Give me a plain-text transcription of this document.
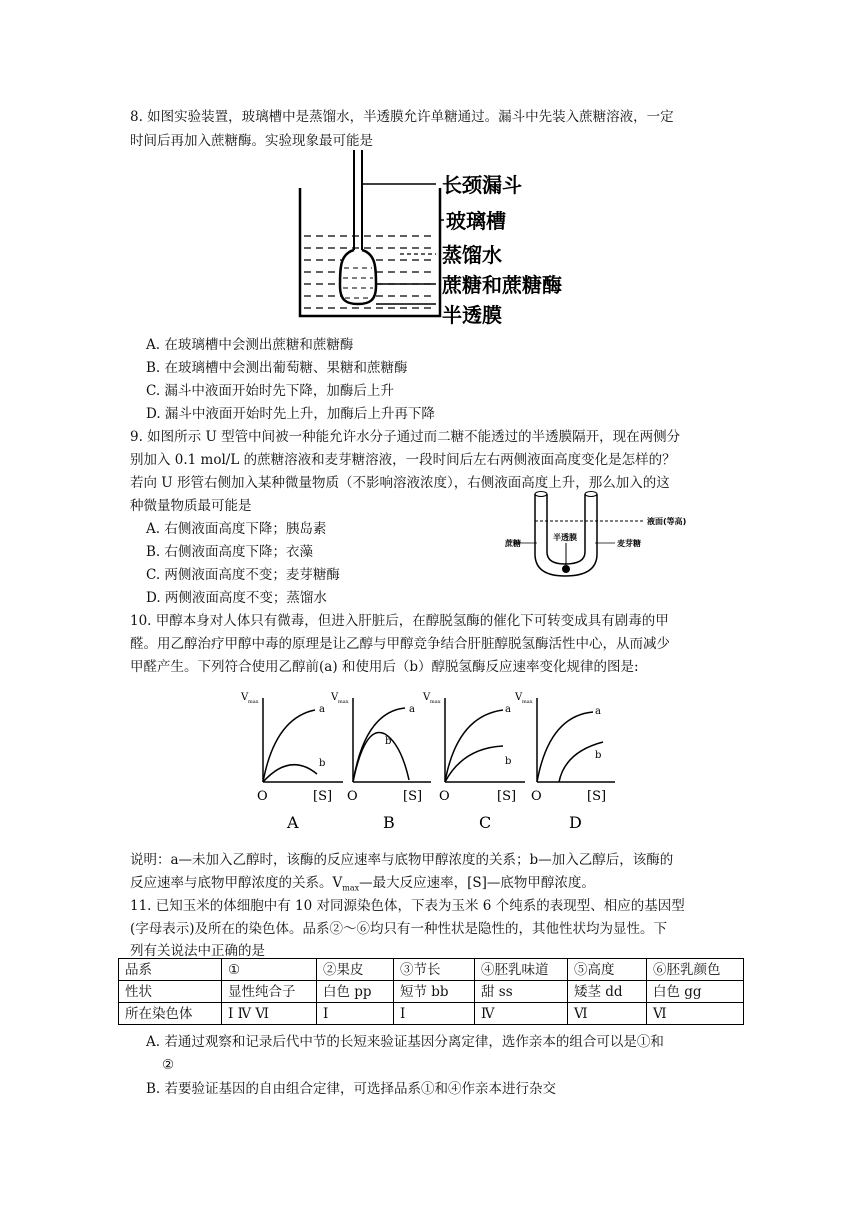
8. 如图实验装置，玻璃槽中是蒸馏水，半透膜允许单糖通过。漏斗中先装入蔗糖溶液，一定
时间后再加入蔗糖酶。实验现象最可能是
长颈漏斗
玻璃槽
蒸馏水
蔗糖和蔗糖酶
半透膜
A. 在玻璃槽中会测出蔗糖和蔗糖酶
B. 在玻璃槽中会测出葡萄糖、果糖和蔗糖酶
C. 漏斗中液面开始时先下降，加酶后上升
D. 漏斗中液面开始时先上升，加酶后上升再下降
9. 如图所示 U 型管中间被一种能允许水分子通过而二糖不能透过的半透膜隔开，现在两侧分
别加入 0.1 mol/L 的蔗糖溶液和麦芽糖溶液，一段时间后左右两侧液面高度变化是怎样的？
若向 U 形管右侧加入某种微量物质（不影响溶液浓度），右侧液面高度上升，那么加入的这
种微量物质最可能是
液面(等高)
蔗糖
半透膜
麦芽糖
A. 右侧液面高度下降；胰岛素
B. 右侧液面高度下降；衣藻
C. 两侧液面高度不变；麦芽糖酶
D. 两侧液面高度不变；蒸馏水
10. 甲醇本身对人体只有微毒，但进入肝脏后，在醇脱氢酶的催化下可转变成具有剧毒的甲
醛。用乙醇治疗甲醇中毒的原理是让乙醇与甲醇竞争结合肝脏醇脱氢酶活性中心，从而减少
甲醛产生。下列符合使用乙醇前(a) 和使用后（b）醇脱氢酶反应速率变化规律的图是:
V max
a
b
O	[S]
A
V max
a
b
O	[S]
B
V max
a
b
O	[S]
C
V max
a
b
O	[S]
D
说明：a—未加入乙醇时，该酶的反应速率与底物甲醇浓度的关系；b—加入乙醇后，该酶的
反应速率与底物甲醇浓度的关系。$V_{max}—$最大反应速率，[S]—底物甲醇浓度。
11. 已知玉米的体细胞中有 10 对同源染色体，下表为玉米 6 个纯系的表现型、相应的基因型
(字母表示)及所在的染色体。品系②～⑥均只有一种性状是隐性的，其他性状均为显性。下
列有关说法中正确的是
品系	①	②果皮	③节长	④胚乳味道	⑤高度	⑥胚乳颜色
性状	显性纯合子	白色 pp	短节 bb	甜 ss	矮茎 dd	白色 gg
所在染色体	Ⅰ Ⅳ Ⅵ	Ⅰ	Ⅰ	Ⅳ	Ⅵ	Ⅵ
A. 若通过观察和记录后代中节的长短来验证基因分离定律，选作亲本的组合可以是①和
②
B. 若要验证基因的自由组合定律，可选择品系①和④作亲本进行杂交
